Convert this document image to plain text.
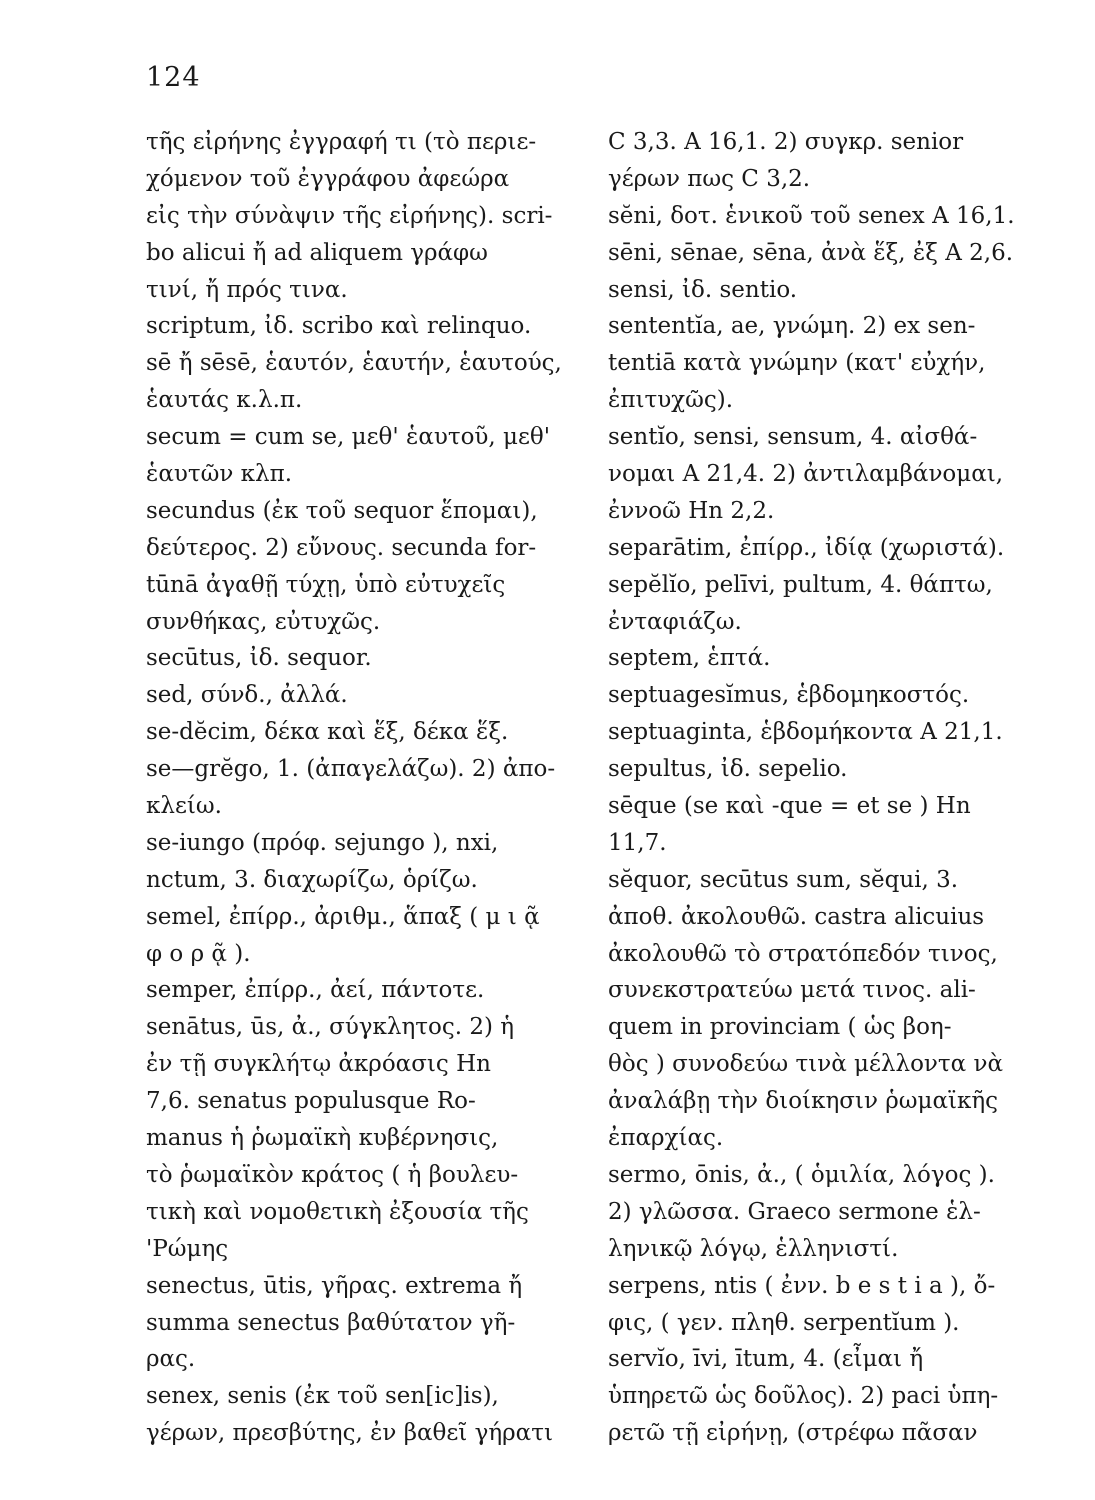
124
τῆς εἰρήνης ἐγγραφή τι (τὸ περιε-
χόμενον τοῦ ἐγγράφου ἀφεώρα
εἰς τὴν σύνὰψιν τῆς εἰρήνης). scri-
bo alicui ἤ ad aliquem γράφω
τινί, ἤ πρός τινα.
scriptum, ἰδ. scribo καὶ relinquo.
sē ἤ sēsē, ἑαυτόν, ἑαυτήν, ἑαυτούς,
ἑαυτάς κ.λ.π.
secum = cum se, μεθ' ἑαυτοῦ, μεθ'
ἑαυτῶν κλπ.
secundus (ἐκ τοῦ sequor ἕπομαι),
δεύτερος. 2) εὔνους. secunda for-
tūnā ἀγαθῇ τύχῃ, ὑπὸ εὐτυχεῖς
συνθήκας, εὐτυχῶς.
secūtus, ἰδ. sequor.
sed, σύνδ., ἀλλά.
se-dĕcim, δέκα καὶ ἕξ, δέκα ἕξ.
se—grĕgo, 1. (ἀπαγελάζω). 2) ἀπο-
κλείω.
se-iungo (πρόφ. sejungo ), nxi,
nctum, 3. διαχωρίζω, ὁρίζω.
semel, ἐπίρρ., ἀριθμ., ἅπαξ ( μ ι ᾷ
φ ο ρ ᾷ ).
semper, ἐπίρρ., ἀεί, πάντοτε.
senātus, ūs, ἀ., σύγκλητος. 2) ἡ
ἐν τῇ συγκλήτῳ ἀκρόασις Hn
7,6. senatus populusque Ro-
manus ἡ ῥωμαϊκὴ κυβέρνησις,
τὸ ῥωμαϊκὸν κράτος ( ἡ βουλευ-
τικὴ καὶ νομοθετικὴ ἐξουσία τῆς
'Ρώμης
senectus, ūtis, γῆρας. extrema ἤ
summa senectus βαθύτατον γῆ-
ρας.
senex, senis (ἐκ τοῦ sen[ic]is),
γέρων, πρεσβύτης, ἐν βαθεῖ γήρατι
C 3,3. A 16,1. 2) συγκρ. senior
γέρων πως C 3,2.
sĕni, δοτ. ἑνικοῦ τοῦ senex A 16,1.
sēni, sēnae, sēna, ἀνὰ ἕξ, ἐξ A 2,6.
sensi, ἰδ. sentio.
sententĭa, ae, γνώμη. 2) ex sen-
tentiā κατὰ γνώμην (κατ' εὐχήν,
ἐπιτυχῶς).
sentĭo, sensi, sensum, 4. αἰσθά-
νομαι A 21,4. 2) ἀντιλαμβάνομαι,
ἐννοῶ Hn 2,2.
separātim, ἐπίρρ., ἰδίᾳ (χωριστά).
sepĕlĭo, pelīvi, pultum, 4. θάπτω,
ἐνταφιάζω.
septem, ἑπτά.
septuagesĭmus, ἑβδομηκοστός.
septuaginta, ἑβδομήκοντα A 21,1.
sepultus, ἰδ. sepelio.
sēque (se καὶ -que = et se ) Hn
11,7.
sĕquor, secūtus sum, sĕqui, 3.
ἀποθ. ἀκολουθῶ. castra alicuius
ἀκολουθῶ τὸ στρατόπεδόν τινος,
συνεκστρατεύω μετά τινος. ali-
quem in provinciam ( ὡς βοη-
θὸς ) συνοδεύω τινὰ μέλλοντα νὰ
ἀναλάβῃ τὴν διοίκησιν ῥωμαϊκῆς
ἐπαρχίας.
sermo, ōnis, ἀ., ( ὁμιλία, λόγος ).
2) γλῶσσα. Graeco sermone ἑλ-
ληνικῷ λόγῳ, ἑλληνιστί.
serpens, ntis ( ἐνν. b e s t i a ), ὄ-
φις, ( γεν. πληθ. serpentĭum ).
servĭo, īvi, ītum, 4. (εἶμαι ἤ
ὑπηρετῶ ὡς δοῦλος). 2) paci ὑπη-
ρετῶ τῇ εἰρήνῃ, (στρέφω πᾶσαν
